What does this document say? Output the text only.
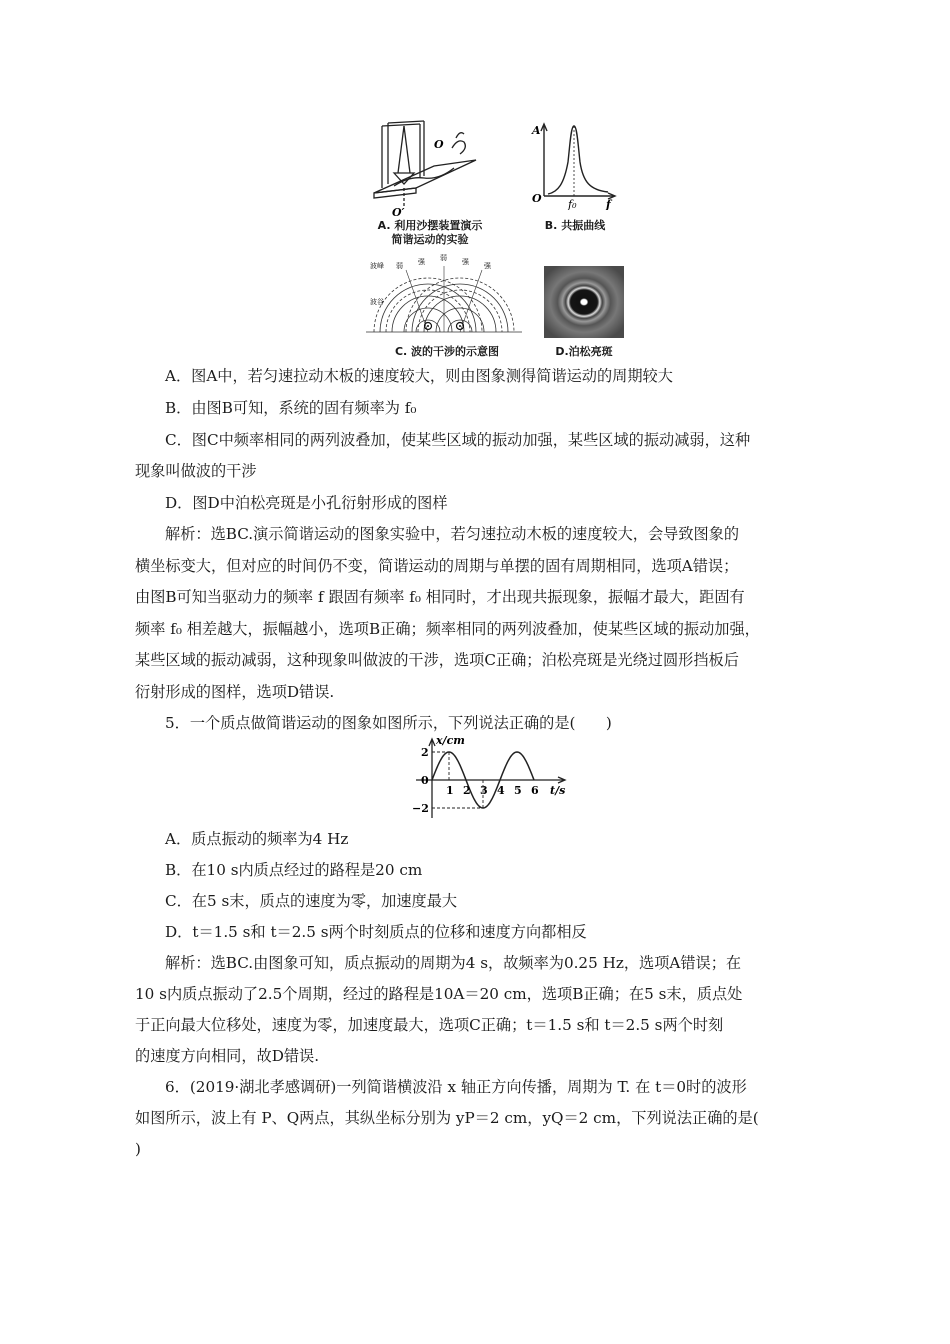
O
O′
A. 利用沙摆装置演示
简谐运动的实验
A
O f₀	f
B. 共振曲线
波峰
波谷
弱
强	强
弱	强
C. 波的干涉的示意图	D.泊松亮斑
A．图A中，若匀速拉动木板的速度较大，则由图象测得简谐运动的周期较大
B．由图B可知，系统的固有频率为 f₀
C．图C中频率相同的两列波叠加，使某些区域的振动加强，某些区域的振动减弱，这种
现象叫做波的干涉
D．图D中泊松亮斑是小孔衍射形成的图样
解析：选BC.演示简谐运动的图象实验中，若匀速拉动木板的速度较大，会导致图象的
横坐标变大，但对应的时间仍不变，简谐运动的周期与单摆的固有周期相同，选项A错误；
由图B可知当驱动力的频率 f 跟固有频率 f₀ 相同时，才出现共振现象，振幅才最大，距固有
频率 f₀ 相差越大，振幅越小，选项B正确；频率相同的两列波叠加，使某些区域的振动加强，
某些区域的振动减弱，这种现象叫做波的干涉，选项C正确；泊松亮斑是光绕过圆形挡板后
衍射形成的图样，选项D错误.
5．一个质点做简谐运动的图象如图所示，下列说法正确的是(　　)
x/cm
2
0
−2
1 2 3 4 5 6 t/s
A．质点振动的频率为4 Hz
B．在10 s内质点经过的路程是20 cm
C．在5 s末，质点的速度为零，加速度最大
D．t＝1.5 s和 t＝2.5 s两个时刻质点的位移和速度方向都相反
解析：选BC.由图象可知，质点振动的周期为4 s，故频率为0.25 Hz，选项A错误；在
10 s内质点振动了2.5个周期，经过的路程是10A＝20 cm，选项B正确；在5 s末，质点处
于正向最大位移处，速度为零，加速度最大，选项C正确；t＝1.5 s和 t＝2.5 s两个时刻
的速度方向相同，故D错误.
6．(2019·湖北孝感调研)一列简谐横波沿 x 轴正方向传播，周期为 T. 在 t＝0时的波形
如图所示，波上有 P、Q两点，其纵坐标分别为 yP＝2 cm，yQ＝2 cm，下列说法正确的是(
)
